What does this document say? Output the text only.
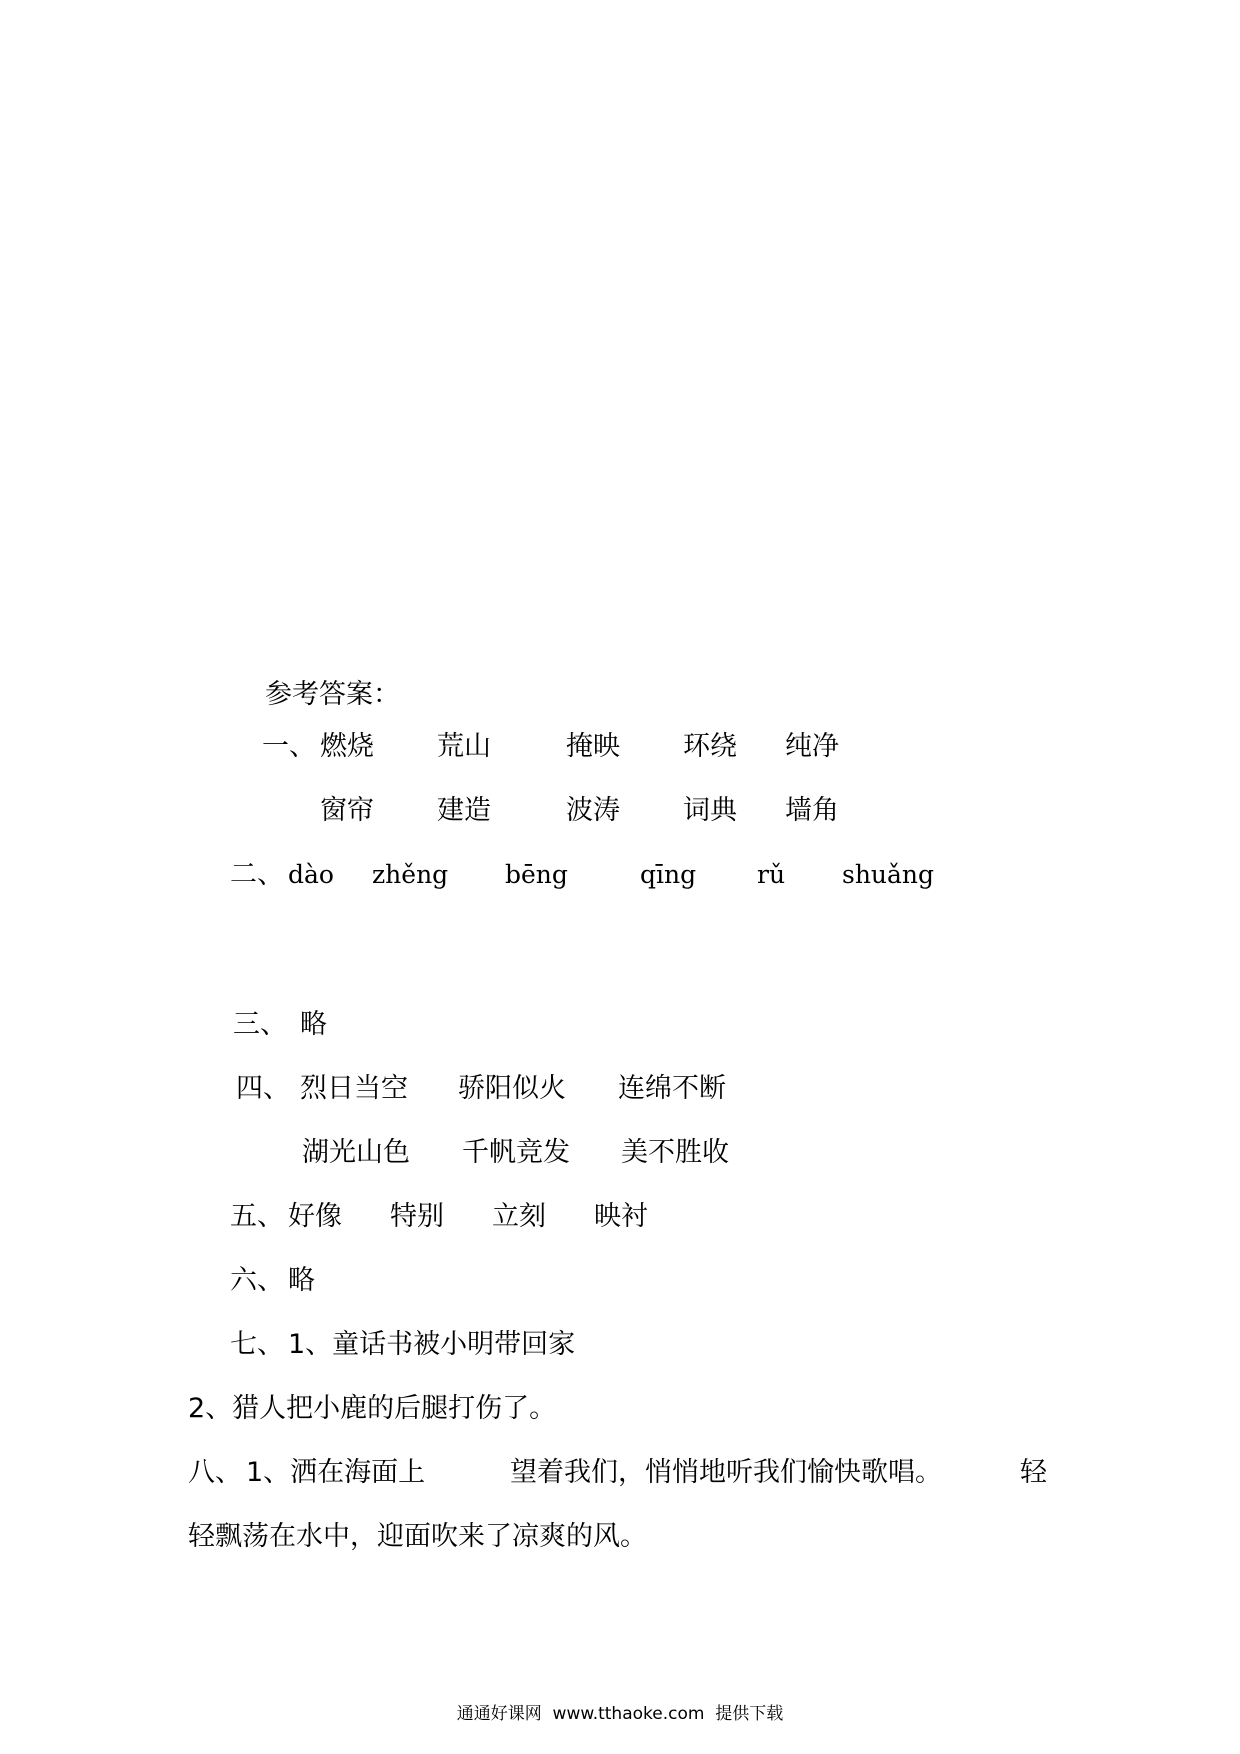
参考答案：
一、 燃烧 荒山	掩映 环绕 纯净
窗帘 建造	波涛 词典 墙角
二、 dào zhěng bēng	qīng rǔ shuǎng
三、 略
四、 烈日当空 骄阳似火 连绵不断
湖光山色 千帆竞发 美不胜收
五、 好像 特别 立刻 映衬
六、 略
七、 1、童话书被小明带回家
2、猎人把小鹿的后腿打伤了。
八、 1、洒在海面上	望着我们，悄悄地听我们愉快歌唱。	轻
轻飘荡在水中，迎面吹来了凉爽的风。
通通好课网  www.tthaoke.com  提供下载
